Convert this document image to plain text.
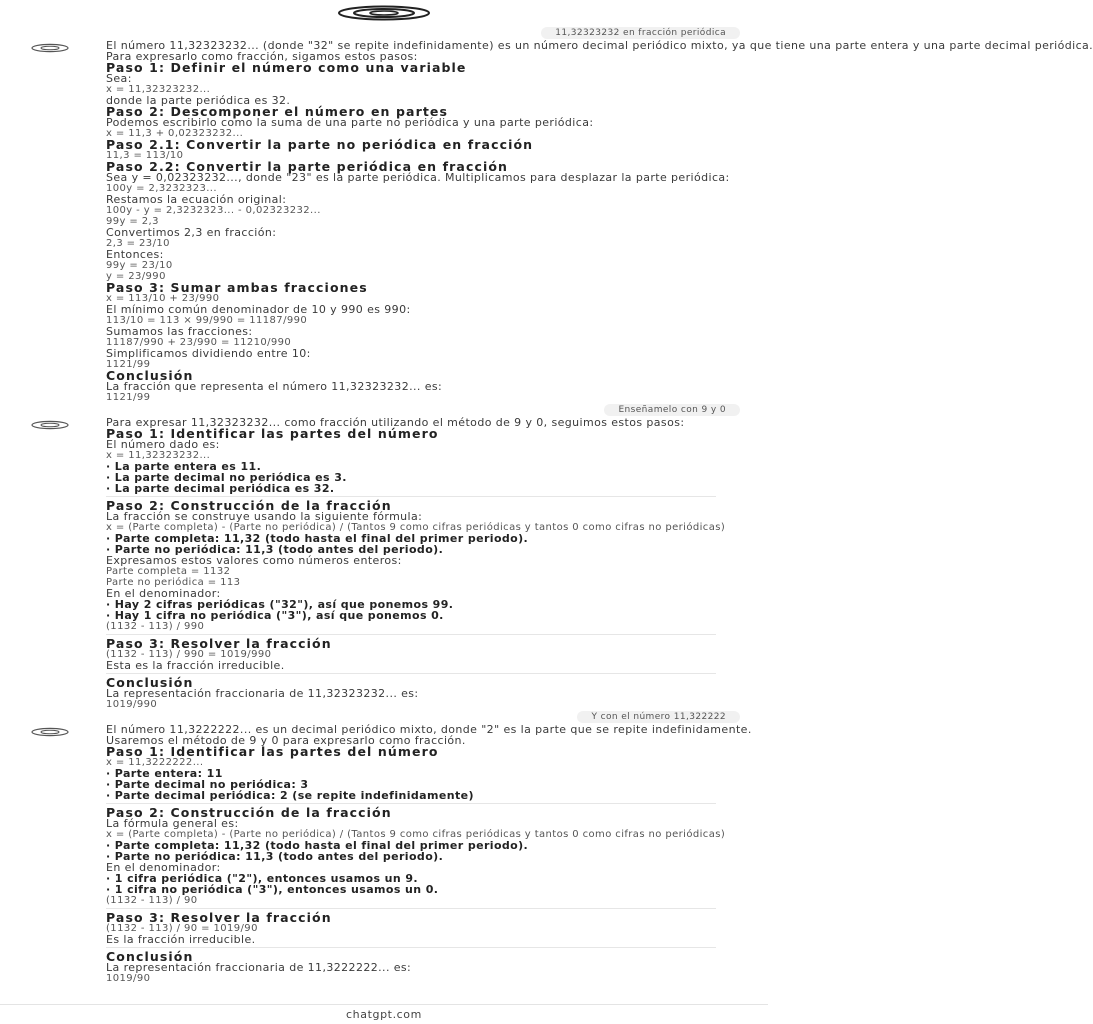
11,32323232 en fracción periódica
El número 11,32323232... (donde "32" se repite indefinidamente) es un número decimal periódico mixto, ya que tiene una parte entera y una parte decimal periódica.
Para expresarlo como fracción, sigamos estos pasos:
Paso 1: Definir el número como una variable
Sea:
x = 11,32323232...
donde la parte periódica es 32.
Paso 2: Descomponer el número en partes
Podemos escribirlo como la suma de una parte no periódica y una parte periódica:
x = 11,3 + 0,02323232...
Paso 2.1: Convertir la parte no periódica en fracción
11,3 = 113/10
Paso 2.2: Convertir la parte periódica en fracción
Sea y = 0,02323232..., donde "23" es la parte periódica. Multiplicamos para desplazar la parte periódica:
100y = 2,3232323...
Restamos la ecuación original:
100y - y = 2,3232323... - 0,02323232...
99y = 2,3
Convertimos 2,3 en fracción:
2,3 = 23/10
Entonces:
99y = 23/10
y = 23/990
Paso 3: Sumar ambas fracciones
x = 113/10 + 23/990
El mínimo común denominador de 10 y 990 es 990:
113/10 = 113 × 99/990 = 11187/990
Sumamos las fracciones:
11187/990 + 23/990 = 11210/990
Simplificamos dividiendo entre 10:
1121/99
Conclusión
La fracción que representa el número 11,32323232... es:
1121/99
Enseñamelo con 9 y 0
Para expresar 11,32323232... como fracción utilizando el método de 9 y 0, seguimos estos pasos:
Paso 1: Identificar las partes del número
El número dado es:
x = 11,32323232...
· La parte entera es 11.
· La parte decimal no periódica es 3.
· La parte decimal periódica es 32.
Paso 2: Construcción de la fracción
La fracción se construye usando la siguiente fórmula:
x = (Parte completa) - (Parte no periódica) / (Tantos 9 como cifras periódicas y tantos 0 como cifras no periódicas)
· Parte completa: 11,32 (todo hasta el final del primer periodo).
· Parte no periódica: 11,3 (todo antes del periodo).
Expresamos estos valores como números enteros:
Parte completa = 1132
Parte no periódica = 113
En el denominador:
· Hay 2 cifras periódicas ("32"), así que ponemos 99.
· Hay 1 cifra no periódica ("3"), así que ponemos 0.
(1132 - 113) / 990
Paso 3: Resolver la fracción
(1132 - 113) / 990 = 1019/990
Esta es la fracción irreducible.
Conclusión
La representación fraccionaria de 11,32323232... es:
1019/990
Y con el número 11,322222
El número 11,3222222... es un decimal periódico mixto, donde "2" es la parte que se repite indefinidamente.
Usaremos el método de 9 y 0 para expresarlo como fracción.
Paso 1: Identificar las partes del número
x = 11,3222222...
· Parte entera: 11
· Parte decimal no periódica: 3
· Parte decimal periódica: 2 (se repite indefinidamente)
Paso 2: Construcción de la fracción
La fórmula general es:
x = (Parte completa) - (Parte no periódica) / (Tantos 9 como cifras periódicas y tantos 0 como cifras no periódicas)
· Parte completa: 11,32 (todo hasta el final del primer periodo).
· Parte no periódica: 11,3 (todo antes del periodo).
En el denominador:
· 1 cifra periódica ("2"), entonces usamos un 9.
· 1 cifra no periódica ("3"), entonces usamos un 0.
(1132 - 113) / 90
Paso 3: Resolver la fracción
(1132 - 113) / 90 = 1019/90
Es la fracción irreducible.
Conclusión
La representación fraccionaria de 11,3222222... es:
1019/90
chatgpt.com
